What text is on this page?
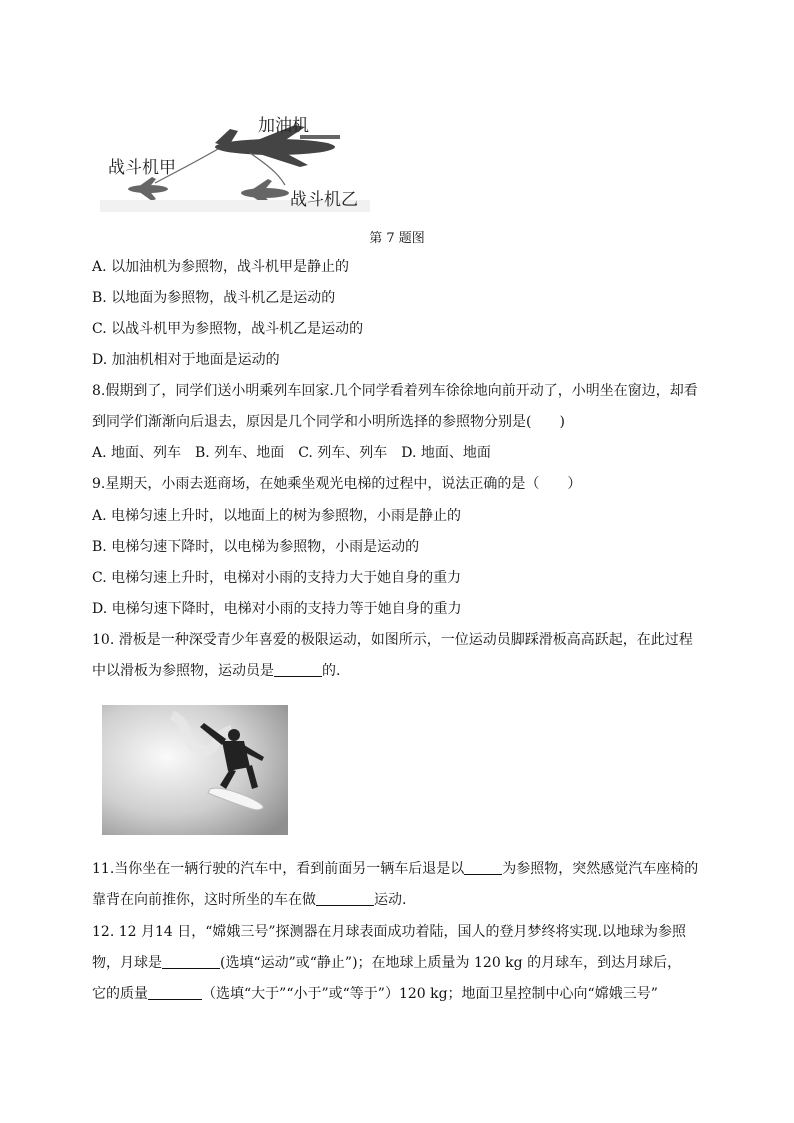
加油机
战斗机甲
战斗机乙
第 7 题图

A. 以加油机为参照物，战斗机甲是静止的

B. 以地面为参照物，战斗机乙是运动的

C. 以战斗机甲为参照物，战斗机乙是运动的

D. 加油机相对于地面是运动的

8.假期到了，同学们送小明乘列车回家.几个同学看着列车徐徐地向前开动了，小明坐在窗边，却看

到同学们渐渐向后退去，原因是几个同学和小明所选择的参照物分别是(　　)

A. 地面、列车　B. 列车、地面　C. 列车、列车　D. 地面、地面

9.星期天，小雨去逛商场，在她乘坐观光电梯的过程中，说法正确的是（　　）

A. 电梯匀速上升时，以地面上的树为参照物，小雨是静止的

B. 电梯匀速下降时，以电梯为参照物，小雨是运动的

C. 电梯匀速上升时，电梯对小雨的支持力大于她自身的重力

D. 电梯匀速下降时，电梯对小雨的支持力等于她自身的重力

10. 滑板是一种深受青少年喜爱的极限运动，如图所示，一位运动员脚踩滑板高高跃起，在此过程

中以滑板为参照物，运动员是	的.

11.当你坐在一辆行驶的汽车中，看到前面另一辆车后退是以	为参照物，突然感觉汽车座椅的

靠背在向前推你，这时所坐的车在做	运动.

12. 12 月14 日，“嫦娥三号”探测器在月球表面成功着陆，国人的登月梦终将实现.以地球为参照

物，月球是	(选填“运动”或“静止”)；在地球上质量为 120 kg 的月球车，到达月球后，

它的质量	（选填“大于”“小于”或“等于”）120 kg；地面卫星控制中心向“嫦娥三号”
